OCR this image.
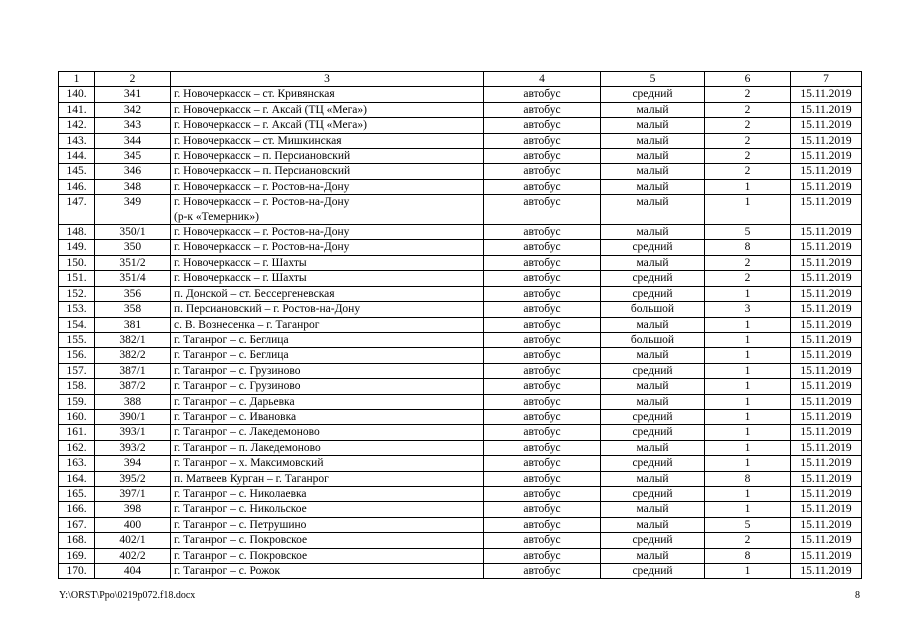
1	2	3	4	5	6	7
140.	341	г. Новочеркасск – ст. Кривянская	автобус	средний	2	15.11.2019
141.	342	г. Новочеркасск – г. Аксай (ТЦ «Мега»)	автобус	малый	2	15.11.2019
142.	343	г. Новочеркасск – г. Аксай (ТЦ «Мега»)	автобус	малый	2	15.11.2019
143.	344	г. Новочеркасск – ст. Мишкинская	автобус	малый	2	15.11.2019
144.	345	г. Новочеркасск – п. Персиановский	автобус	малый	2	15.11.2019
145.	346	г. Новочеркасск – п. Персиановский	автобус	малый	2	15.11.2019
146.	348	г. Новочеркасск – г. Ростов-на-Дону	автобус	малый	1	15.11.2019
147.	349	г. Новочеркасск – г. Ростов-на-Дону
(р-к «Темерник»)	автобус	малый	1	15.11.2019
148.	350/1	г. Новочеркасск – г. Ростов-на-Дону	автобус	малый	5	15.11.2019
149.	350	г. Новочеркасск – г. Ростов-на-Дону	автобус	средний	8	15.11.2019
150.	351/2	г. Новочеркасск – г. Шахты	автобус	малый	2	15.11.2019
151.	351/4	г. Новочеркасск – г. Шахты	автобус	средний	2	15.11.2019
152.	356	п. Донской – ст. Бессергеневская	автобус	средний	1	15.11.2019
153.	358	п. Персиановский – г. Ростов-на-Дону	автобус	большой	3	15.11.2019
154.	381	с. В. Вознесенка – г. Таганрог	автобус	малый	1	15.11.2019
155.	382/1	г. Таганрог – с. Беглица	автобус	большой	1	15.11.2019
156.	382/2	г. Таганрог – с. Беглица	автобус	малый	1	15.11.2019
157.	387/1	г. Таганрог – с. Грузиново	автобус	средний	1	15.11.2019
158.	387/2	г. Таганрог – с. Грузиново	автобус	малый	1	15.11.2019
159.	388	г. Таганрог – с. Дарьевка	автобус	малый	1	15.11.2019
160.	390/1	г. Таганрог – с. Ивановка	автобус	средний	1	15.11.2019
161.	393/1	г. Таганрог – с. Лакедемоново	автобус	средний	1	15.11.2019
162.	393/2	г. Таганрог – п. Лакедемоново	автобус	малый	1	15.11.2019
163.	394	г. Таганрог – х. Максимовский	автобус	средний	1	15.11.2019
164.	395/2	п. Матвеев Курган – г. Таганрог	автобус	малый	8	15.11.2019
165.	397/1	г. Таганрог – с. Николаевка	автобус	средний	1	15.11.2019
166.	398	г. Таганрог – с. Никольское	автобус	малый	1	15.11.2019
167.	400	г. Таганрог – с. Петрушино	автобус	малый	5	15.11.2019
168.	402/1	г. Таганрог – с. Покровское	автобус	средний	2	15.11.2019
169.	402/2	г. Таганрог – с. Покровское	автобус	малый	8	15.11.2019
170.	404	г. Таганрог – с. Рожок	автобус	средний	1	15.11.2019
Y:\ORST\Ppo\0219p072.f18.docx	8
